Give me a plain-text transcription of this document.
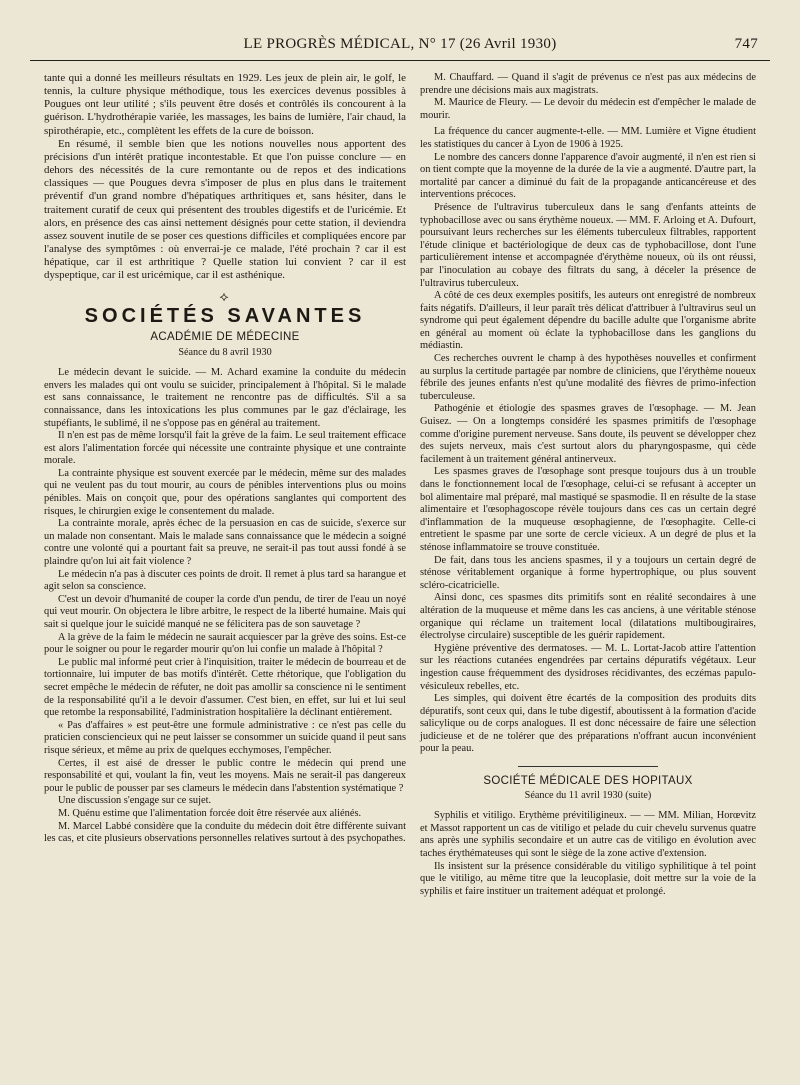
LE PROGRÈS MÉDICAL, N° 17 (26 Avril 1930)	747

tante qui a donné les meilleurs résultats en 1929. Les jeux de plein air, le golf, le tennis, la culture physique méthodique, tous les exercices devenus possibles à Pougues ont leur utilité ; s'ils peuvent être dosés et contrôlés ils concourent à la guérison. L'hydrothérapie variée, les massages, les bains de lumière, l'air chaud, la spirothérapie, etc., complètent les effets de la cure de boisson.

En résumé, il semble bien que les notions nouvelles nous apportent des précisions d'un intérêt pratique incontestable. Et que l'on puisse conclure — en dehors des nécessités de la cure remontante ou de repos et des indications classiques — que Pougues devra s'imposer de plus en plus dans le traitement préventif d'un grand nombre d'hépatiques arthritiques et, sans hésiter, dans le traitement curatif de ceux qui présentent des troubles digestifs et de l'uricémie. Et alors, en présence des cas ainsi nettement désignés pour cette station, il deviendra assez souvent inutile de se poser ces questions difficiles et compliquées encore par l'analyse des symptômes : où enverrai-je ce malade, l'été prochain ? car il est hépatique, car il est arthritique ? Quelle station lui convient ? car il est dyspeptique, car il est uricémique, car il est asthénique.

⟡
SOCIÉTÉS SAVANTES
ACADÉMIE DE MÉDECINE
Séance du 8 avril 1930

Le médecin devant le suicide. — M. Achard examine la conduite du médecin envers les malades qui ont voulu se suicider, principalement à l'hôpital. Si le malade est sans connaissance, le traitement ne rencontre pas de difficultés. S'il a sa connaissance, dans les intoxications les plus communes par le gaz d'éclairage, les stupéfiants, le sublimé, il ne s'oppose pas en général au traitement.

Il n'en est pas de même lorsqu'il fait la grève de la faim. Le seul traitement efficace est alors l'alimentation forcée qui nécessite une contrainte physique et une contrainte morale.

La contrainte physique est souvent exercée par le médecin, même sur des malades qui ne veulent pas du tout mourir, au cours de pénibles interventions plus ou moins pénibles. Mais on conçoit que, pour des opérations sanglantes qui comportent des risques, le chirurgien exige le consentement du malade.

La contrainte morale, après échec de la persuasion en cas de suicide, s'exerce sur un malade non consentant. Mais le malade sans connaissance que le médecin a soigné contre une volonté qui a pourtant fait sa preuve, ne serait-il pas tout aussi fondé à se plaindre qu'on lui ait fait violence ?

Le médecin n'a pas à discuter ces points de droit. Il remet à plus tard sa harangue et agit selon sa conscience.

C'est un devoir d'humanité de couper la corde d'un pendu, de tirer de l'eau un noyé qui veut mourir. On objectera le libre arbitre, le respect de la liberté humaine. Mais qui sait si quelque jour le suicidé manqué ne se félicitera pas de son sauvetage ?

A la grève de la faim le médecin ne saurait acquiescer par la grève des soins. Est-ce pour le soigner ou pour le regarder mourir qu'on lui confie un malade à l'hôpital ?

Le public mal informé peut crier à l'inquisition, traiter le médecin de bourreau et de tortionnaire, lui imputer de bas motifs d'intérêt. Cette rhétorique, que l'obligation du secret empêche le médecin de réfuter, ne doit pas amollir sa conscience ni le sentiment de la responsabilité qu'il a le devoir d'assumer. C'est bien, en effet, sur lui et lui seul que retombe la responsabilité, l'administration hospitalière la déclinant entièrement.

« Pas d'affaires » est peut-être une formule administrative : ce n'est pas celle du praticien consciencieux qui ne peut laisser se consommer un suicide quand il peut sans risque sérieux, et même au prix de quelques ecchymoses, l'empêcher.

Certes, il est aisé de dresser le public contre le médecin qui prend une responsabilité et qui, voulant la fin, veut les moyens. Mais ne serait-il pas dangereux pour le public de pousser par ses clameurs le médecin dans l'abstention systématique ?

Une discussion s'engage sur ce sujet.

M. Quénu estime que l'alimentation forcée doit être réservée aux aliénés.

M. Marcel Labbé considère que la conduite du médecin doit être différente suivant les cas, et cite plusieurs observations personnelles relatives surtout à des psychopathes.

M. Chauffard. — Quand il s'agit de prévenus ce n'est pas aux médecins de prendre une décisions mais aux magistrats.

M. Maurice de Fleury. — Le devoir du médecin est d'empêcher le malade de mourir.

La fréquence du cancer augmente-t-elle. — MM. Lumière et Vigne étudient les statistiques du cancer à Lyon de 1906 à 1925.

Le nombre des cancers donne l'apparence d'avoir augmenté, il n'en est rien si on tient compte que la moyenne de la durée de la vie a augmenté. D'autre part, la mortalité par cancer a diminué du fait de la propagande anticancéreuse et des interventions précoces.

Présence de l'ultravirus tuberculeux dans le sang d'enfants atteints de typhobacillose avec ou sans érythème noueux. — MM. F. Arloing et A. Dufourt, poursuivant leurs recherches sur les éléments tuberculeux filtrables, rapportent l'étude clinique et bactériologique de deux cas de typhobacillose, dont l'une particulièrement intense et accompagnée d'érythème noueux, où ils ont réussi, par l'inoculation au cobaye des filtrats du sang, à déceler la présence de l'ultravirus tuberculeux.

A côté de ces deux exemples positifs, les auteurs ont enregistré de nombreux faits négatifs. D'ailleurs, il leur paraît très délicat d'attribuer à l'ultravirus seul un syndrome qui peut également dépendre du bacille adulte que l'organisme abrite en général au moment où éclate la typhobacillose dans les ganglions du médiastin.

Ces recherches ouvrent le champ à des hypothèses nouvelles et confirment au surplus la certitude partagée par nombre de cliniciens, que l'érythème noueux fébrile des jeunes enfants n'est qu'une modalité des fièvres de primo-infection tuberculeuse.

Pathogénie et étiologie des spasmes graves de l'œsophage. — M. Jean Guisez. — On a longtemps considéré les spasmes primitifs de l'œsophage comme d'origine purement nerveuse. Sans doute, ils peuvent se développer chez des sujets nerveux, mais c'est surtout alors du pharyngospasme, qui cède facilement à un traitement général antinerveux.

Les spasmes graves de l'œsophage sont presque toujours dus à un trouble dans le fonctionnement local de l'œsophage, celui-ci se refusant à accepter un bol alimentaire mal préparé, mal mastiqué se spasmodie. Il en résulte de la stase alimentaire et l'œsophagoscope révèle toujours dans ces cas un certain degré d'inflammation de la muqueuse œsophagienne, de l'œsophagite. Celle-ci entretient le spasme par une sorte de cercle vicieux. A un degré de plus et la sténose inflammatoire se trouve constituée.

De fait, dans tous les anciens spasmes, il y a toujours un certain degré de sténose véritablement organique à forme hypertrophique, ou plus souvent scléro-cicatricielle.

Ainsi donc, ces spasmes dits primitifs sont en réalité secondaires à une altération de la muqueuse et même dans les cas anciens, à une véritable sténose organique qui réclame un traitement local (dilatations multibougiraires, électrolyse circulaire) susceptible de les guérir rapidement.

Hygiène préventive des dermatoses. — M. L. Lortat-Jacob attire l'attention sur les réactions cutanées engendrées par certains dépuratifs végétaux. Leur ingestion cause fréquemment des dysidroses récidivantes, des eczémas papulo-vésiculeux rebelles, etc.

Les simples, qui doivent être écartés de la composition des produits dits dépuratifs, sont ceux qui, dans le tube digestif, aboutissent à la formation d'acide salicylique ou de corps analogues. Il est donc nécessaire de faire une sélection judicieuse et de ne tolérer que des préparations n'offrant aucun inconvénient pour la peau.

SOCIÉTÉ MÉDICALE DES HOPITAUX
Séance du 11 avril 1930 (suite)

Syphilis et vitiligo. Erythème prévitiligineux. — — MM. Milian, Horœvitz et Massot rapportent un cas de vitiligo et pelade du cuir chevelu survenus quatre ans après une syphilis secondaire et un autre cas de vitiligo en évolution avec taches érythémateuses qui sont le siège de la zone active d'extension.

Ils insistent sur la présence considérable du vitiligo syphilitique à tel point que le vitiligo, au même titre que la leucoplasie, doit mettre sur la voie de la syphilis et faire instituer un traitement adéquat et prolongé.
